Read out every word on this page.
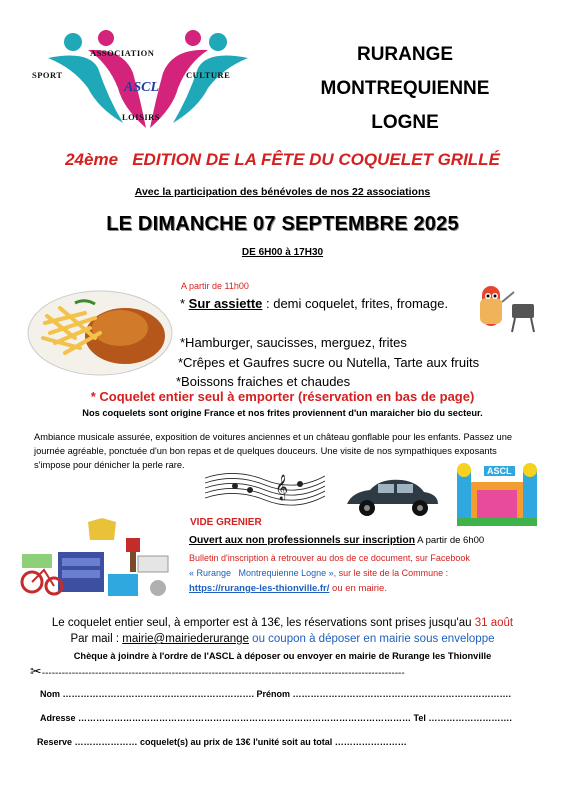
ASSOCIATION
SPORT	CULTURE
ASCL
LOISIRS
RURANGE
MONTREQUIENNE
LOGNE
24ème   EDITION DE LA FÊTE DU COQUELET GRILLÉ
Avec la participation des bénévoles de nos 22 associations
LE DIMANCHE 07 SEPTEMBRE 2025
DE 6H00 à 17H30
A partir de 11h00
* Sur assiette : demi coquelet, frites, fromage.
*Hamburger, saucisses, merguez, frites
*Crêpes et Gaufres sucre ou Nutella, Tarte aux fruits
*Boissons fraiches et chaudes
* Coquelet entier seul à emporter (réservation en bas de page)
Nos coquelets sont origine France et nos frites proviennent d'un maraicher bio du secteur.
Ambiance musicale assurée, exposition de voitures anciennes et un château gonflable pour les enfants. Passez une journée agréable, ponctuée d'un bon repas et de quelques douceurs. Une visite de nos sympathiques exposants s'impose pour dénicher la perle rare.
𝄞
ASCL
VIDE GRENIER
Ouvert aux non professionnels sur inscription A partir de 6h00
Bulletin d'inscription à retrouver au dos de ce document, sur Facebook
« Rurange   Montrequienne Logne », sur le site de la Commune :
https://rurange-les-thionville.fr/ ou en mairie.
Le coquelet entier seul, à emporter est à 13€, les réservations sont prises jusqu'au 31 août
Par mail : mairie@mairiederurange ou coupon à déposer en mairie sous enveloppe
Chèque à joindre à l'ordre de l'ASCL à déposer ou envoyer en mairie de Rurange les Thionville
✂-------------------------------------------------------------------------------------------------------------
Nom ………………………………………………………. Prénom ……………………………………………………………….
Adresse ………………………………………………………………………………………………… Tel ……………………….
Reserve ………………… coquelet(s) au prix de 13€ l'unité soit au total ……………………
